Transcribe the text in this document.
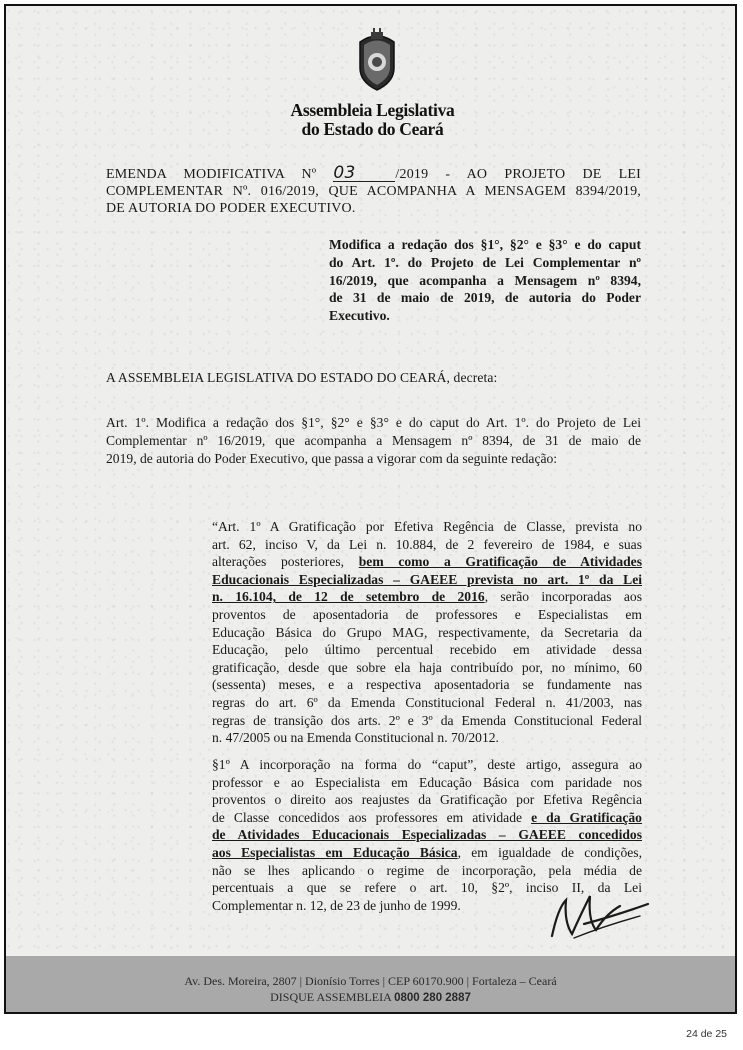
Assembleia Legislativa
do Estado do Ceará
EMENDA MODIFICATIVA Nº 03	/2019 - AO PROJETO DE LEI
COMPLEMENTAR Nº. 016/2019, QUE ACOMPANHA A MENSAGEM 8394/2019,
DE AUTORIA DO PODER EXECUTIVO.
Modifica a redação dos §1°, §2° e §3° e do caput
do Art. 1º. do Projeto de Lei Complementar nº
16/2019, que acompanha a Mensagem nº 8394,
de 31 de maio de 2019, de autoria do Poder
Executivo.
A ASSEMBLEIA LEGISLATIVA DO ESTADO DO CEARÁ, decreta:
Art. 1º. Modifica a redação dos §1°, §2° e §3° e do caput do Art. 1º. do Projeto de Lei
Complementar nº 16/2019, que acompanha a Mensagem nº 8394, de 31 de maio de
2019, de autoria do Poder Executivo, que passa a vigorar com da seguinte redação:
“Art. 1º A Gratificação por Efetiva Regência de Classe, prevista no
art. 62, inciso V, da Lei n. 10.884, de 2 fevereiro de 1984, e suas
alterações posteriores, bem como a Gratificação de Atividades
Educacionais Especializadas – GAEEE prevista no art. 1º da Lei
n. 16.104, de 12 de setembro de 2016, serão incorporadas aos
proventos de aposentadoria de professores e Especialistas em
Educação Básica do Grupo MAG, respectivamente, da Secretaria da
Educação, pelo último percentual recebido em atividade dessa
gratificação, desde que sobre ela haja contribuído por, no mínimo, 60
(sessenta) meses, e a respectiva aposentadoria se fundamente nas
regras do art. 6º da Emenda Constitucional Federal n. 41/2003, nas
regras de transição dos arts. 2º e 3º da Emenda Constitucional Federal
n. 47/2005 ou na Emenda Constitucional n. 70/2012.
§1º A incorporação na forma do “caput”, deste artigo, assegura ao
professor e ao Especialista em Educação Básica com paridade nos
proventos o direito aos reajustes da Gratificação por Efetiva Regência
de Classe concedidos aos professores em atividade e da Gratificação
de Atividades Educacionais Especializadas – GAEEE concedidos
aos Especialistas em Educação Básica, em igualdade de condições,
não se lhes aplicando o regime de incorporação, pela média de
percentuais a que se refere o art. 10, §2º, inciso II, da Lei
Complementar n. 12, de 23 de junho de 1999.
Av. Des. Moreira, 2807 | Dionísio Torres | CEP 60170.900 | Fortaleza – Ceará
DISQUE ASSEMBLEIA 0800 280 2887
24 de 25
